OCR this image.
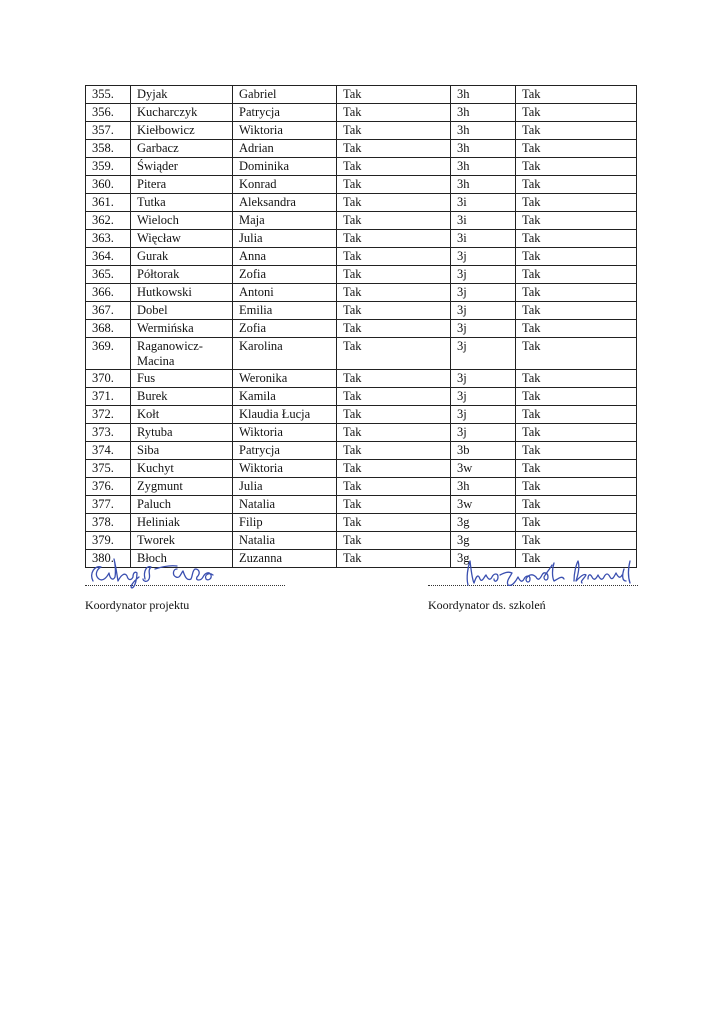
355.	Dyjak	Gabriel	Tak	3h	Tak
356.	Kucharczyk	Patrycja	Tak	3h	Tak
357.	Kiełbowicz	Wiktoria	Tak	3h	Tak
358.	Garbacz	Adrian	Tak	3h	Tak
359.	Świąder	Dominika	Tak	3h	Tak
360.	Pitera	Konrad	Tak	3h	Tak
361.	Tutka	Aleksandra	Tak	3i	Tak
362.	Wieloch	Maja	Tak	3i	Tak
363.	Więcław	Julia	Tak	3i	Tak
364.	Gurak	Anna	Tak	3j	Tak
365.	Półtorak	Zofia	Tak	3j	Tak
366.	Hutkowski	Antoni	Tak	3j	Tak
367.	Dobel	Emilia	Tak	3j	Tak
368.	Wermińska	Zofia	Tak	3j	Tak
369.	Raganowicz-Macina	Karolina	Tak	3j	Tak
370.	Fus	Weronika	Tak	3j	Tak
371.	Burek	Kamila	Tak	3j	Tak
372.	Kołt	Klaudia Łucja	Tak	3j	Tak
373.	Rytuba	Wiktoria	Tak	3j	Tak
374.	Siba	Patrycja	Tak	3b	Tak
375.	Kuchyt	Wiktoria	Tak	3w	Tak
376.	Zygmunt	Julia	Tak	3h	Tak
377.	Paluch	Natalia	Tak	3w	Tak
378.	Heliniak	Filip	Tak	3g	Tak
379.	Tworek	Natalia	Tak	3g	Tak
380.	Błoch	Zuzanna	Tak	3g	Tak
Koordynator projektu	Koordynator ds. szkoleń
